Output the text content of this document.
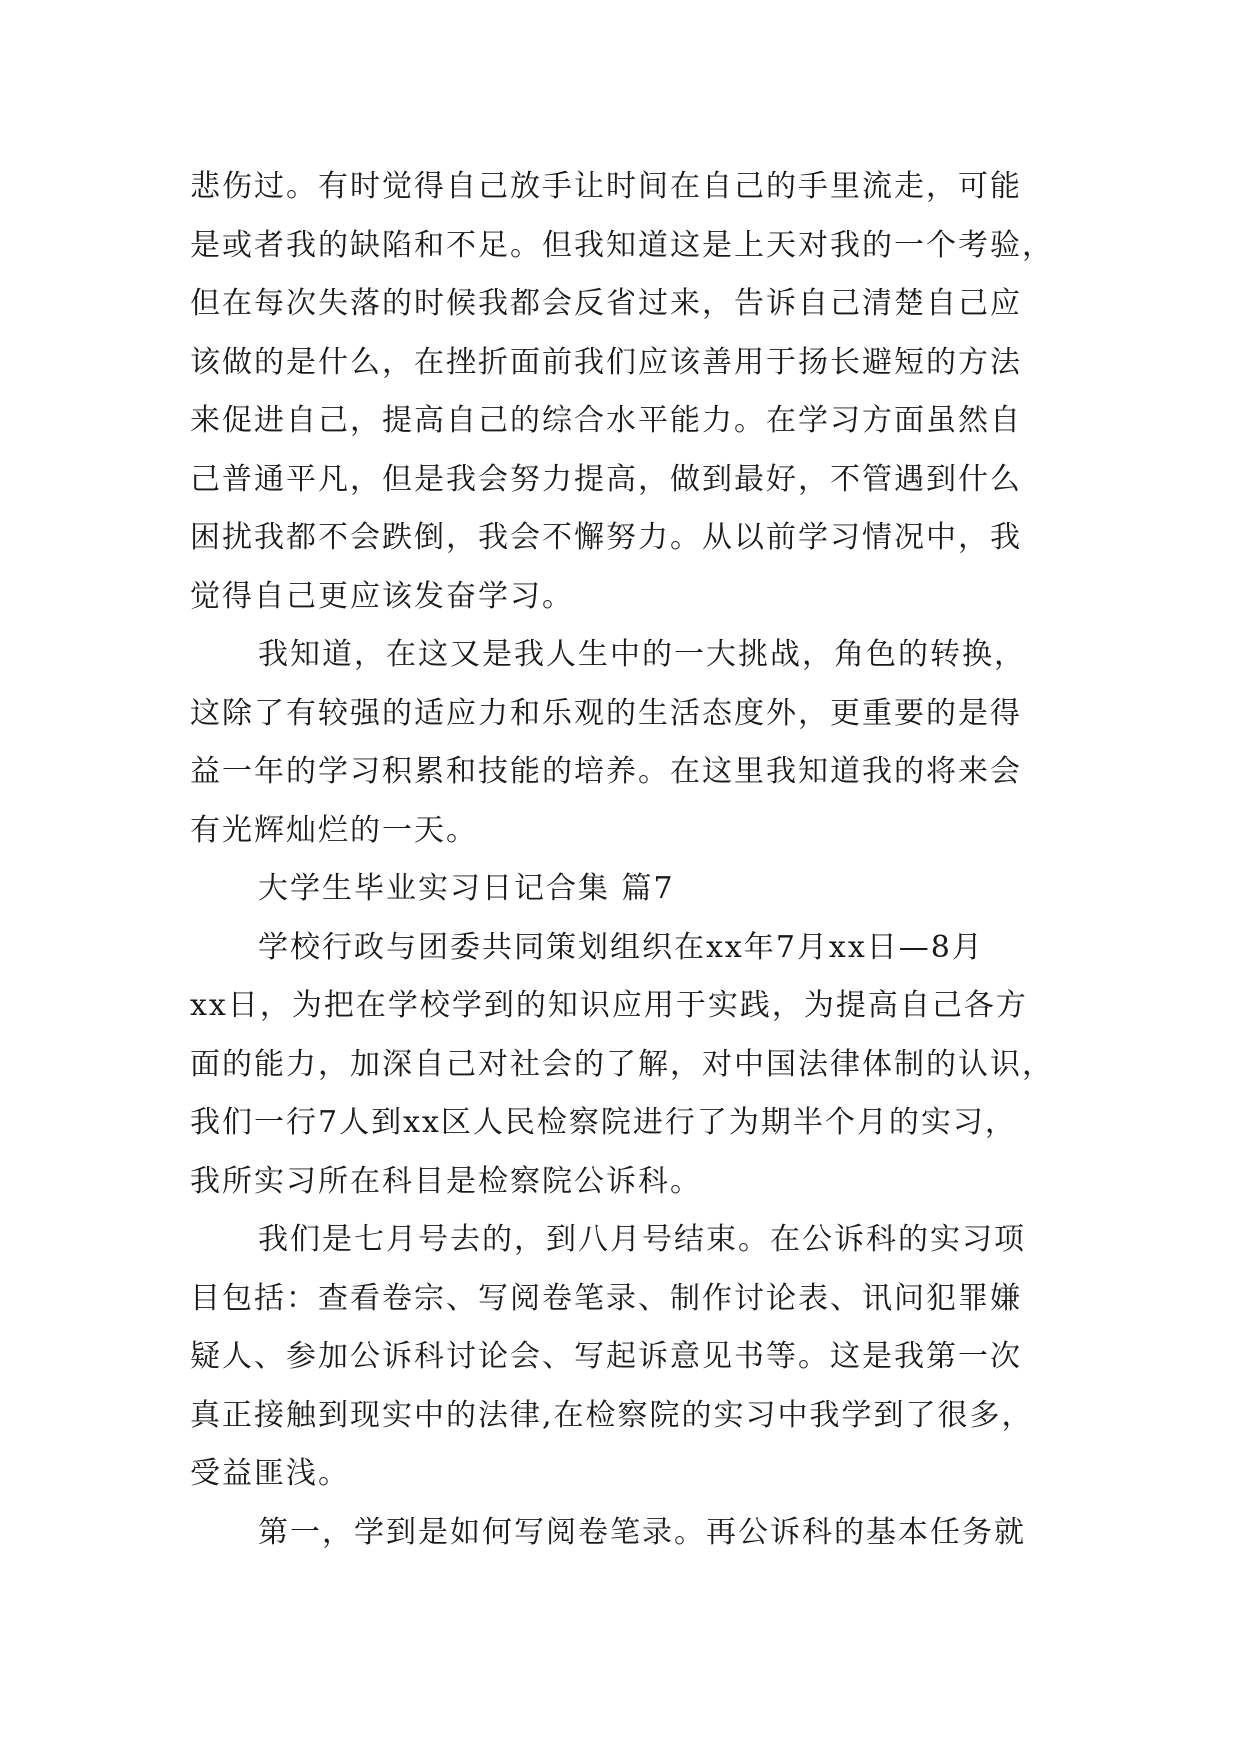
悲伤过。有时觉得自己放手让时间在自己的手里流走，可能
是或者我的缺陷和不足。但我知道这是上天对我的一个考验，
但在每次失落的时候我都会反省过来，告诉自己清楚自己应
该做的是什么，在挫折面前我们应该善用于扬长避短的方法
来促进自己，提高自己的综合水平能力。在学习方面虽然自
己普通平凡，但是我会努力提高，做到最好，不管遇到什么
困扰我都不会跌倒，我会不懈努力。从以前学习情况中，我
觉得自己更应该发奋学习。
我知道，在这又是我人生中的一大挑战，角色的转换，
这除了有较强的适应力和乐观的生活态度外，更重要的是得
益一年的学习积累和技能的培养。在这里我知道我的将来会
有光辉灿烂的一天。
大学生毕业实习日记合集 篇7
学校行政与团委共同策划组织在xx年7月xx日—8月
xx日，为把在学校学到的知识应用于实践，为提高自己各方
面的能力，加深自己对社会的了解，对中国法律体制的认识，
我们一行7人到xx区人民检察院进行了为期半个月的实习，
我所实习所在科目是检察院公诉科。
我们是七月号去的，到八月号结束。在公诉科的实习项
目包括：查看卷宗、写阅卷笔录、制作讨论表、讯问犯罪嫌
疑人、参加公诉科讨论会、写起诉意见书等。这是我第一次
真正接触到现实中的法律,在检察院的实习中我学到了很多，
受益匪浅。
第一，学到是如何写阅卷笔录。再公诉科的基本任务就
